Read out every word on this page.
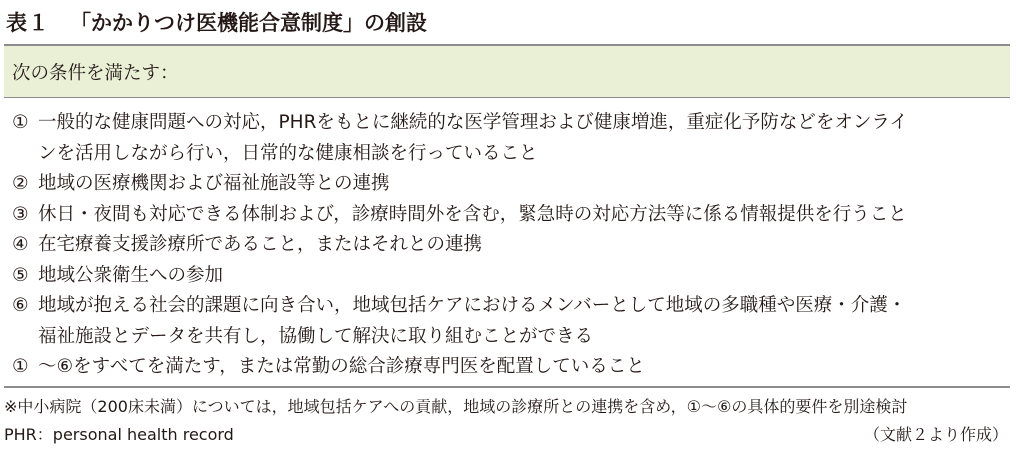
表１ 「かかりつけ医機能合意制度」の創設
次の条件を満たす：
① 一般的な健康問題への対応，PHRをもとに継続的な医学管理および健康増進，重症化予防などをオンライ
ンを活用しながら行い，日常的な健康相談を行っていること
② 地域の医療機関および福祉施設等との連携
③ 休日・夜間も対応できる体制および，診療時間外を含む，緊急時の対応方法等に係る情報提供を行うこと
④ 在宅療養支援診療所であること，またはそれとの連携
⑤ 地域公衆衛生への参加
⑥ 地域が抱える社会的課題に向き合い，地域包括ケアにおけるメンバーとして地域の多職種や医療・介護・
福祉施設とデータを共有し，協働して解決に取り組むことができる
① ～⑥をすべてを満たす，または常勤の総合診療専門医を配置していること
※中小病院（200床未満）については，地域包括ケアへの貢献，地域の診療所との連携を含め，①～⑥の具体的要件を別途検討
PHR：personal health record	（文献２より作成）
